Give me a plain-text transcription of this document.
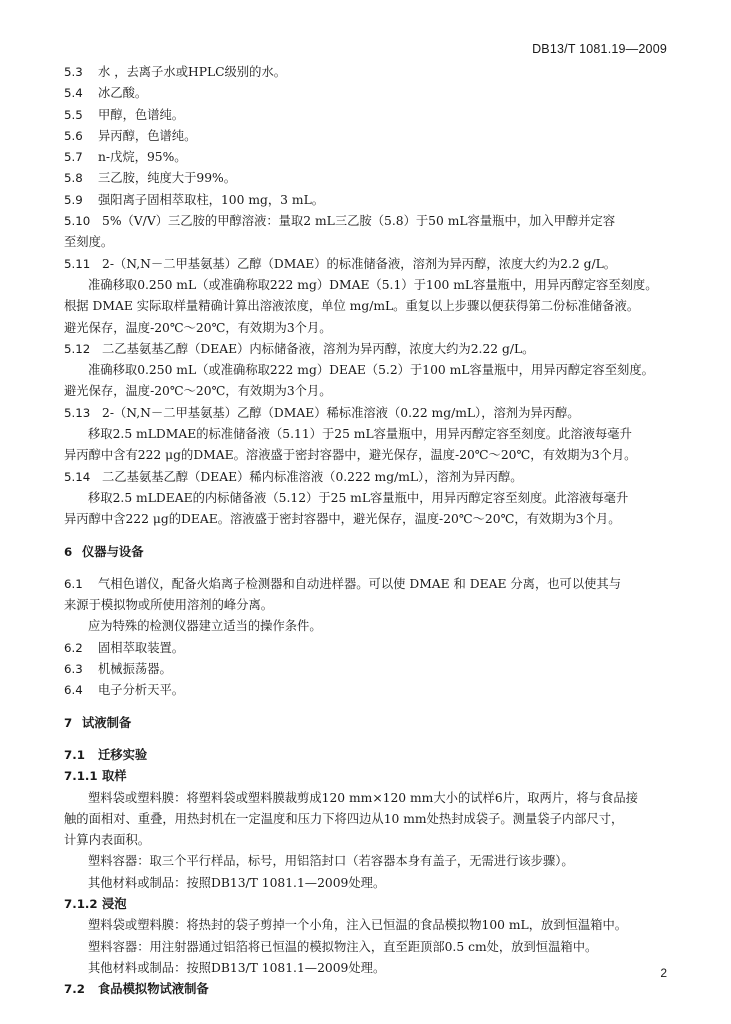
DB13/T 1081.19—2009
5.3 水 ，去离子水或HPLC级别的水。
5.4 冰乙酸。
5.5 甲醇，色谱纯。
5.6 异丙醇，色谱纯。
5.7 n-戊烷，95%。
5.8 三乙胺，纯度大于99%。
5.9 强阳离子固相萃取柱，100 mg，3 mL。
5.10 5%（V/V）三乙胺的甲醇溶液：量取2 mL三乙胺（5.8）于50 mL容量瓶中，加入甲醇并定容
至刻度。
5.11 2-（N,N－二甲基氨基）乙醇（DMAE）的标准储备液，溶剂为异丙醇，浓度大约为2.2 g/L。
准确移取0.250 mL（或准确称取222 mg）DMAE（5.1）于100 mL容量瓶中，用异丙醇定容至刻度。
根据 DMAE 实际取样量精确计算出溶液浓度，单位 mg/mL。重复以上步骤以便获得第二份标准储备液。
避光保存，温度-20℃～20℃，有效期为3个月。
5.12 二乙基氨基乙醇（DEAE）内标储备液，溶剂为异丙醇，浓度大约为2.22 g/L。
准确移取0.250 mL（或准确称取222 mg）DEAE（5.2）于100 mL容量瓶中，用异丙醇定容至刻度。
避光保存，温度-20℃～20℃，有效期为3个月。
5.13 2-（N,N－二甲基氨基）乙醇（DMAE）稀标准溶液（0.22 mg/mL），溶剂为异丙醇。
移取2.5 mLDMAE的标准储备液（5.11）于25 mL容量瓶中，用异丙醇定容至刻度。此溶液每毫升
异丙醇中含有222 μg的DMAE。溶液盛于密封容器中，避光保存，温度-20℃～20℃，有效期为3个月。
5.14 二乙基氨基乙醇（DEAE）稀内标准溶液（0.222 mg/mL），溶剂为异丙醇。
移取2.5 mLDEAE的内标储备液（5.12）于25 mL容量瓶中，用异丙醇定容至刻度。此溶液每毫升
异丙醇中含222 μg的DEAE。溶液盛于密封容器中，避光保存，温度-20℃～20℃，有效期为3个月。
6 仪器与设备
6.1 气相色谱仪，配备火焰离子检测器和自动进样器。可以使 DMAE 和 DEAE 分离，也可以使其与
来源于模拟物或所使用溶剂的峰分离。
应为特殊的检测仪器建立适当的操作条件。
6.2 固相萃取装置。
6.3 机械振荡器。
6.4 电子分析天平。
7 试液制备
7.1 迁移实验
7.1.1 取样
塑料袋或塑料膜：将塑料袋或塑料膜裁剪成120 mm×120 mm大小的试样6片，取两片，将与食品接
触的面相对、重叠，用热封机在一定温度和压力下将四边从10 mm处热封成袋子。测量袋子内部尺寸，
计算内表面积。
塑料容器：取三个平行样品，标号，用铝箔封口（若容器本身有盖子，无需进行该步骤）。
其他材料或制品：按照DB13/T 1081.1—2009处理。
7.1.2 浸泡
塑料袋或塑料膜：将热封的袋子剪掉一个小角，注入已恒温的食品模拟物100 mL，放到恒温箱中。
塑料容器：用注射器通过铝箔将已恒温的模拟物注入，直至距顶部0.5 cm处，放到恒温箱中。
其他材料或制品：按照DB13/T 1081.1—2009处理。
7.2 食品模拟物试液制备
2
